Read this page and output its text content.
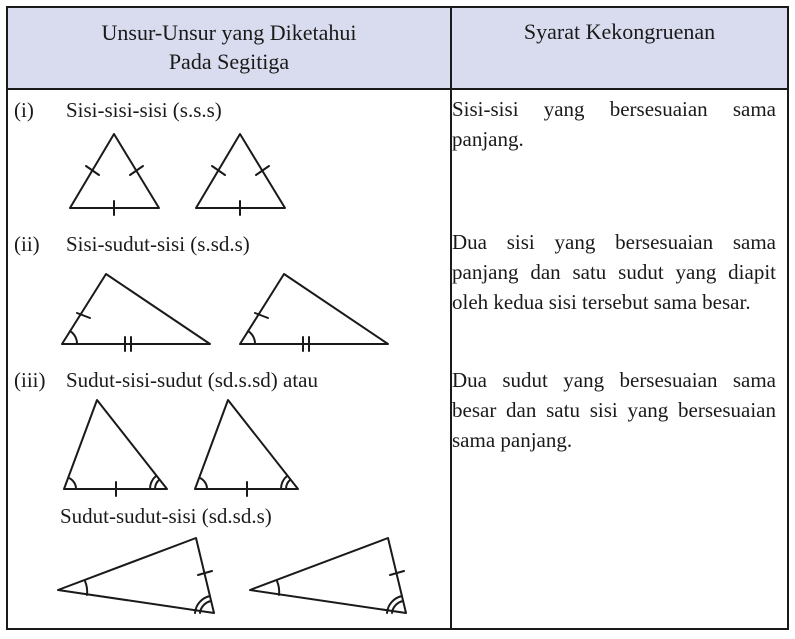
Unsur-Unsur yang Diketahui
Pada Segitiga
Syarat Kekongruenan
(i) Sisi-sisi-sisi (s.s.s)	Sisi-sisi yang bersesuaian sama panjang.
(ii) Sisi-sudut-sisi (s.sd.s)	Dua sisi yang bersesuaian sama panjang dan satu sudut yang diapit oleh kedua sisi tersebut sama besar.
(iii) Sudut-sisi-sudut (sd.s.sd) atau
Sudut-sudut-sisi (sd.sd.s)
Dua sudut yang bersesuaian sama besar dan satu sisi yang bersesuaian sama panjang.
